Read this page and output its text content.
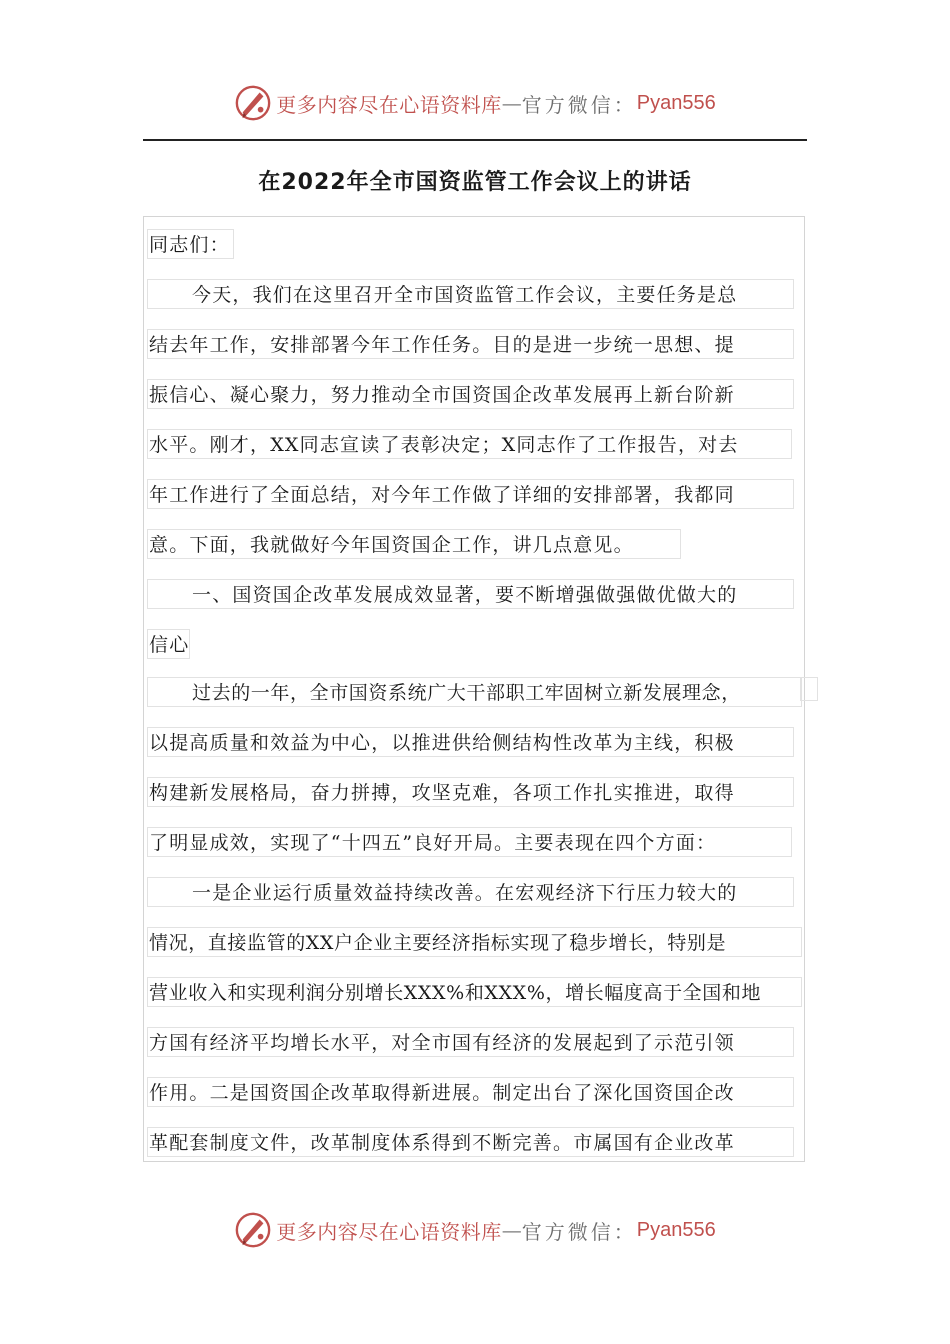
更多内容尽在心语资料库 — 官方微信： Pyan556
在2022年全市国资监管工作会议上的讲话
同志们：
今天，我们在这里召开全市国资监管工作会议，主要任务是总
结去年工作，安排部署今年工作任务。目的是进一步统一思想、提
振信心、凝心聚力，努力推动全市国资国企改革发展再上新台阶新
水平。刚才，XX同志宣读了表彰决定；X同志作了工作报告，对去
年工作进行了全面总结，对今年工作做了详细的安排部署，我都同
意。下面，我就做好今年国资国企工作，讲几点意见。
一、国资国企改革发展成效显著，要不断增强做强做优做大的
信心
过去的一年，全市国资系统广大干部职工牢固树立新发展理念，
以提高质量和效益为中心，以推进供给侧结构性改革为主线，积极
构建新发展格局，奋力拼搏，攻坚克难，各项工作扎实推进，取得
了明显成效，实现了“十四五”良好开局。主要表现在四个方面：
一是企业运行质量效益持续改善。在宏观经济下行压力较大的
情况，直接监管的XX户企业主要经济指标实现了稳步增长，特别是
营业收入和实现利润分别增长XXX%和XXX%，增长幅度高于全国和地
方国有经济平均增长水平，对全市国有经济的发展起到了示范引领
作用。二是国资国企改革取得新进展。制定出台了深化国资国企改
革配套制度文件，改革制度体系得到不断完善。市属国有企业改革
更多内容尽在心语资料库 — 官方微信： Pyan556
